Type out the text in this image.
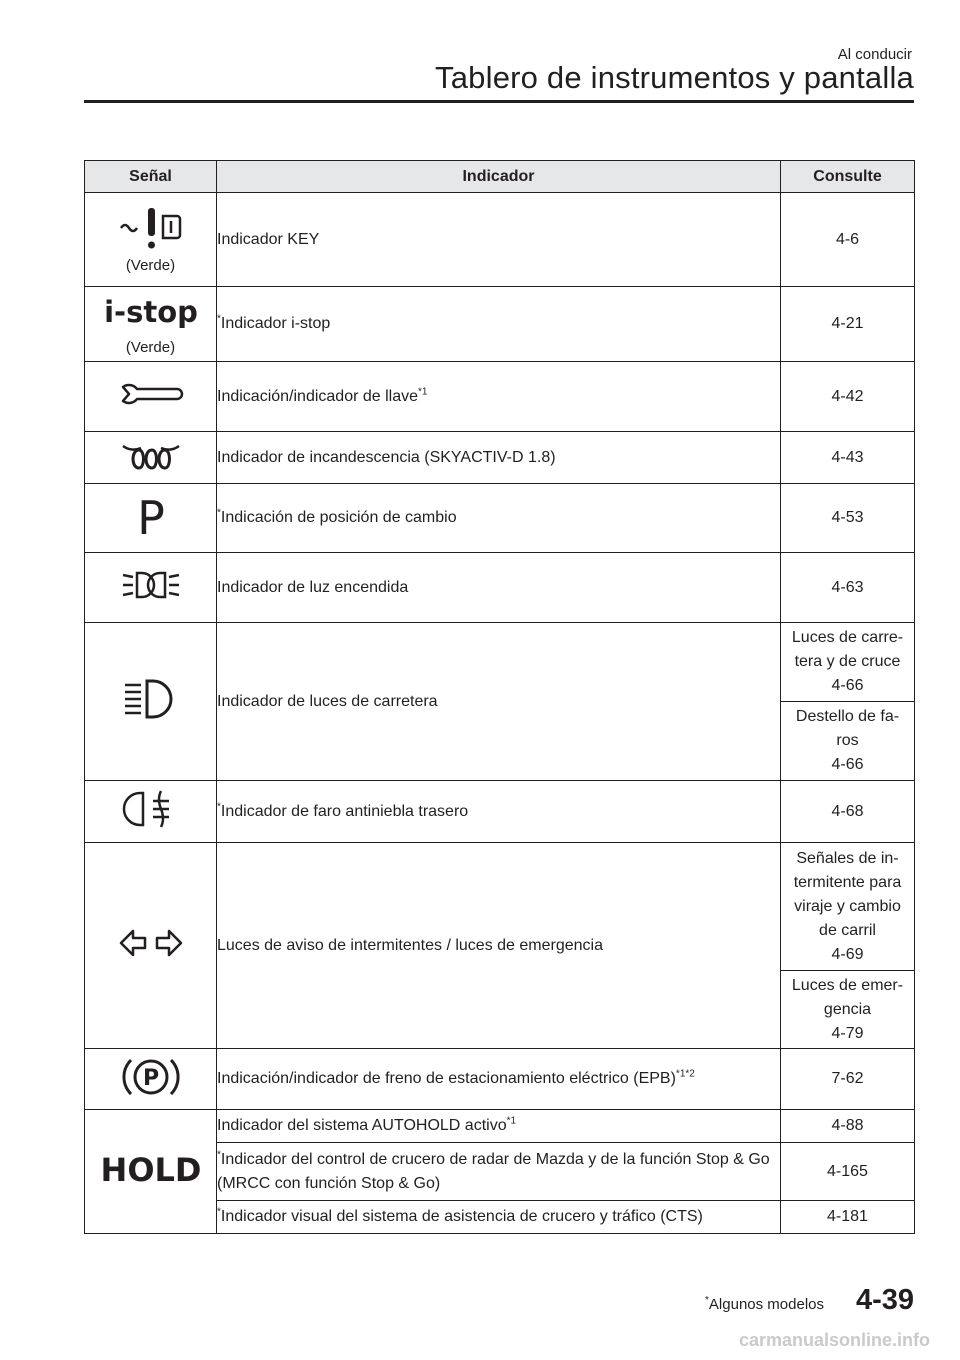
Al conducir
Tablero de instrumentos y pantalla
Señal	Indicador	Consulte

(Verde)	Indicador KEY	4-6

i-stop
(Verde)	*Indicador i-stop	4-21

	Indicación/indicador de llave$^{*1}$	4-42

	Indicador de incandescencia (SKYACTIV-D 1.8)	4-43

P	*Indicación de posición de cambio	4-53

	Indicador de luz encendida	4-63

	Indicador de luces de carretera	Luces de carre-
tera y de cruce
4-66

		Destello de fa-
ros
4-66

	*Indicador de faro antiniebla trasero	4-68

	Luces de aviso de intermitentes / luces de emergencia	Señales de in-
termitente para
viraje y cambio
de carril
4-69

		Luces de emer-
gencia
4-79

P	Indicación/indicador de freno de estacionamiento eléctrico (EPB)$^{*1*2}$	7-62

HOLD	Indicador del sistema AUTOHOLD activo$^{*1}$	4-88
	*Indicador del control de crucero de radar de Mazda y de la función Stop & Go (MRCC con función Stop & Go)	4-165
	*Indicador visual del sistema de asistencia de crucero y tráfico (CTS)	4-181
*Algunos modelos 4-39
carmanualsonline.info
